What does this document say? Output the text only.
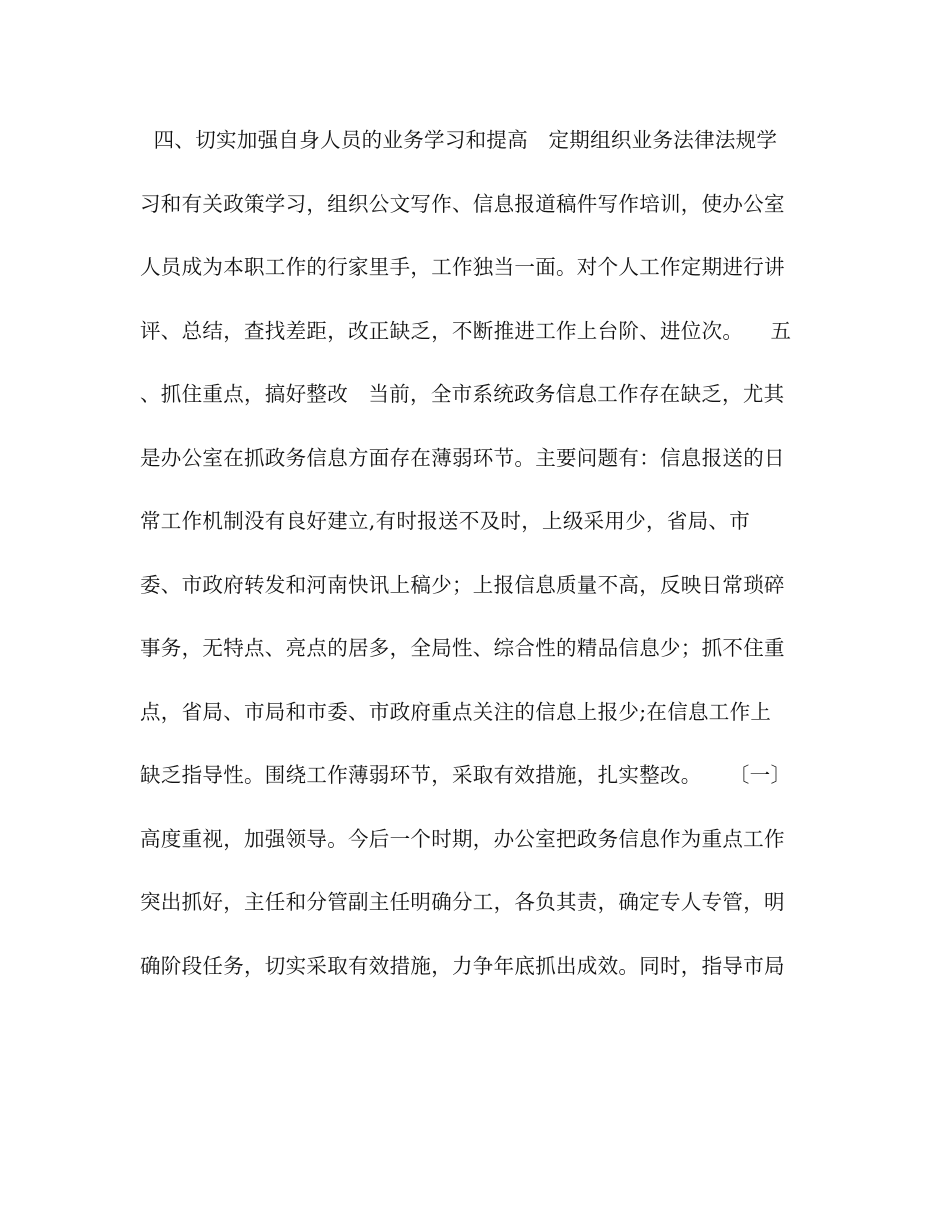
四、切实加强自身人员的业务学习和提高   定期组织业务法律法规学
习和有关政策学习，组织公文写作、信息报道稿件写作培训，使办公室
人员成为本职工作的行家里手，工作独当一面。对个人工作定期进行讲
评、总结，查找差距，改正缺乏，不断推进工作上台阶、进位次。    五
、抓住重点，搞好整改   当前，全市系统政务信息工作存在缺乏，尤其
是办公室在抓政务信息方面存在薄弱环节。主要问题有：信息报送的日
常工作机制没有良好建立,有时报送不及时，上级采用少，省局、市
委、市政府转发和河南快讯上稿少；上报信息质量不高，反映日常琐碎
事务，无特点、亮点的居多，全局性、综合性的精品信息少；抓不住重
点，省局、市局和市委、市政府重点关注的信息上报少;在信息工作上
缺乏指导性。围绕工作薄弱环节，采取有效措施，扎实整改。    〔一〕
高度重视，加强领导。今后一个时期，办公室把政务信息作为重点工作
突出抓好，主任和分管副主任明确分工，各负其责，确定专人专管，明
确阶段任务，切实采取有效措施，力争年底抓出成效。同时，指导市局
